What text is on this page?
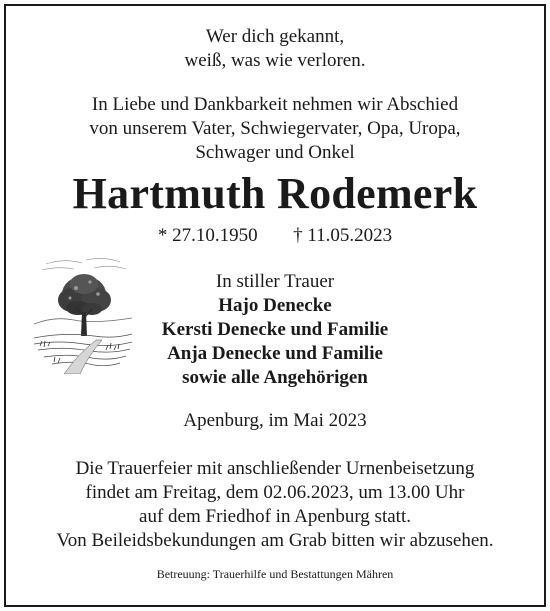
Wer dich gekannt,
weiß, was wie verloren.
In Liebe und Dankbarkeit nehmen wir Abschied
von unserem Vater, Schwiegervater, Opa, Uropa,
Schwager und Onkel
Hartmuth Rodemerk
* 27.10.1950 † 11.05.2023
In stiller Trauer
Hajo Denecke
Kersti Denecke und Familie
Anja Denecke und Familie
sowie alle Angehörigen
Apenburg, im Mai 2023
Die Trauerfeier mit anschließender Urnenbeisetzung
findet am Freitag, dem 02.06.2023, um 13.00 Uhr
auf dem Friedhof in Apenburg statt.
Von Beileidsbekundungen am Grab bitten wir abzusehen.
Betreuung: Trauerhilfe und Bestattungen Mähren
